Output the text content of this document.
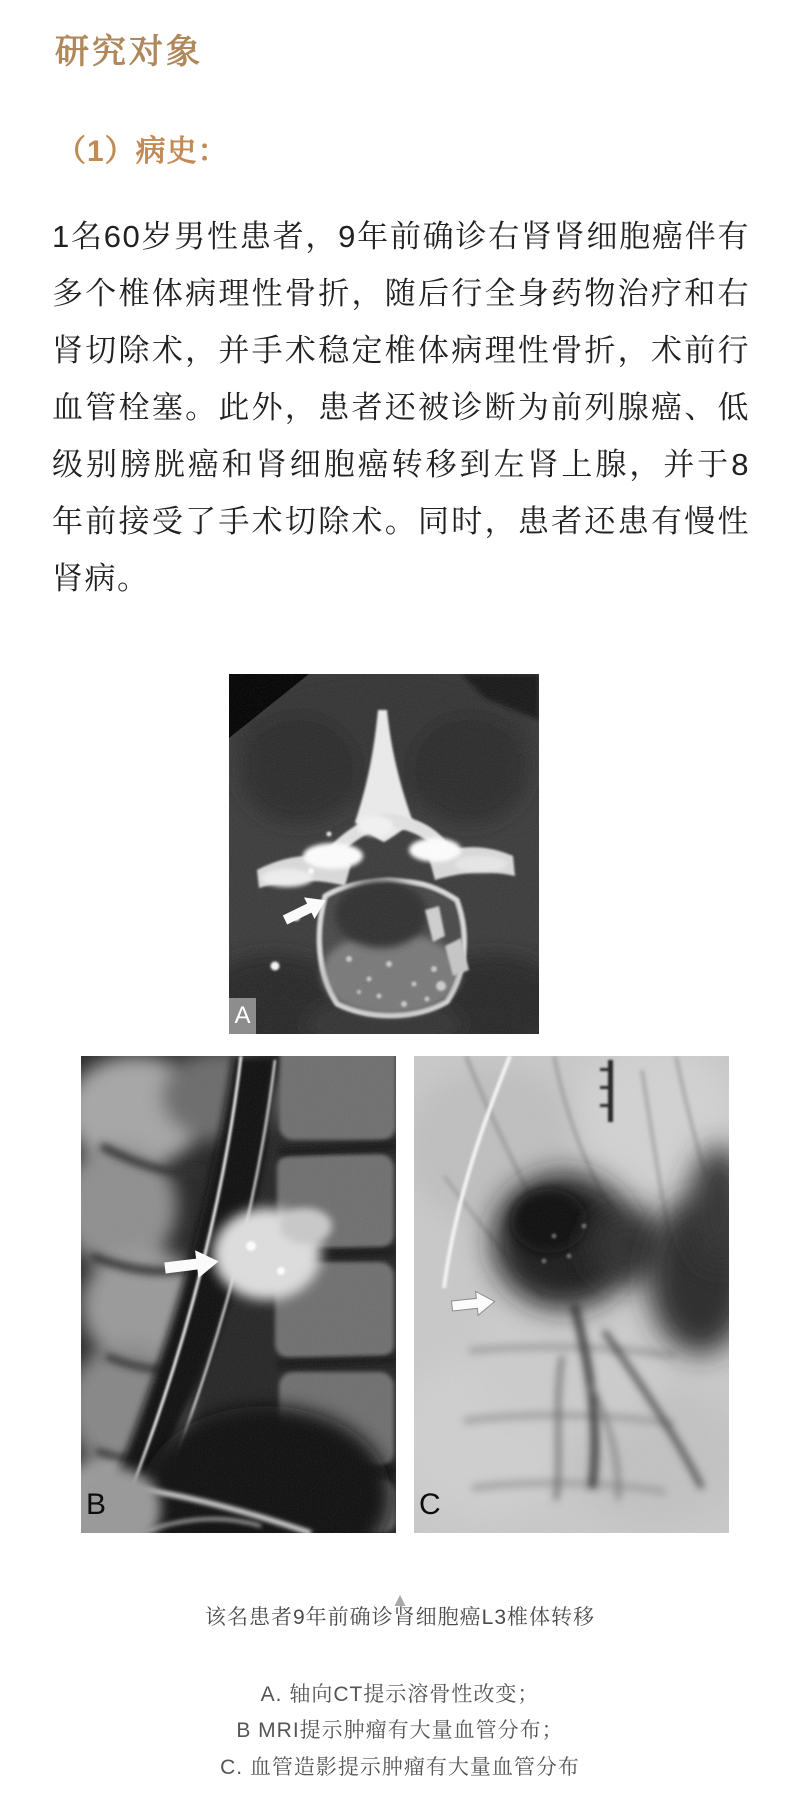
研究对象
（1）病史：

1名60岁男性患者，9年前确诊右肾肾细胞癌伴有多个椎体病理性骨折，随后行全身药物治疗和右肾切除术，并手术稳定椎体病理性骨折，术前行血管栓塞。此外，患者还被诊断为前列腺癌、低级别膀胱癌和肾细胞癌转移到左肾上腺，并于8年前接受了手术切除术。同时，患者还患有慢性肾病。

A
B	C
▲
该名患者9年前确诊肾细胞癌L3椎体转移
A. 轴向CT提示溶骨性改变；
B MRI提示肿瘤有大量血管分布；
C. 血管造影提示肿瘤有大量血管分布
